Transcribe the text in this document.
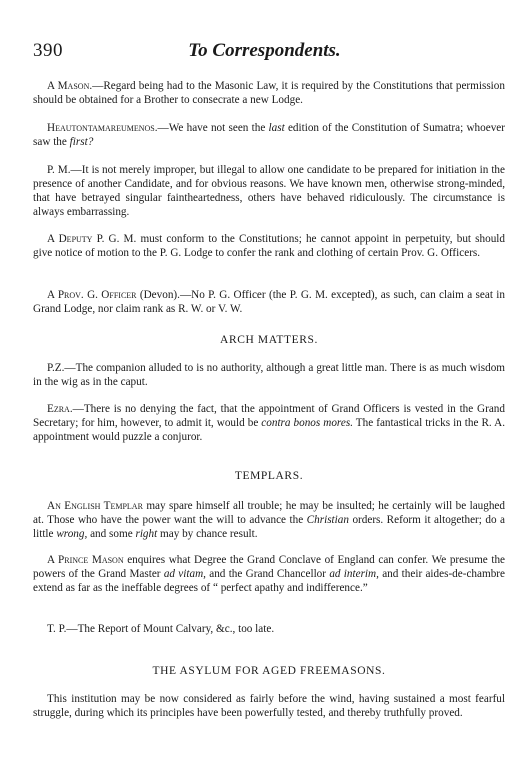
390	To Correspondents.

A Mason.—Regard being had to the Masonic Law, it is required by the Constitutions that permission should be obtained for a Brother to consecrate a new Lodge.

Heautontamareumenos.—We have not seen the last edition of the Constitution of Sumatra; whoever saw the first?

P. M.—It is not merely improper, but illegal to allow one candidate to be prepared for initiation in the presence of another Candidate, and for obvious reasons. We have known men, otherwise strong-minded, that have betrayed singular faintheartedness, others have behaved ridiculously. The circumstance is always embarrassing.

A Deputy P. G. M. must conform to the Constitutions; he cannot appoint in perpetuity, but should give notice of motion to the P. G. Lodge to confer the rank and clothing of certain Prov. G. Officers.

A Prov. G. Officer (Devon).—No P. G. Officer (the P. G. M. excepted), as such, can claim a seat in Grand Lodge, nor claim rank as R. W. or V. W.

ARCH MATTERS.

P.Z.—The companion alluded to is no authority, although a great little man. There is as much wisdom in the wig as in the caput.

Ezra.—There is no denying the fact, that the appointment of Grand Officers is vested in the Grand Secretary; for him, however, to admit it, would be contra bonos mores. The fantastical tricks in the R. A. appointment would puzzle a conjuror.

TEMPLARS.

An English Templar may spare himself all trouble; he may be insulted; he certainly will be laughed at. Those who have the power want the will to advance the Christian orders. Reform it altogether; do a little wrong, and some right may by chance result.

A Prince Mason enquires what Degree the Grand Conclave of England can confer. We presume the powers of the Grand Master ad vitam, and the Grand Chancellor ad interim, and their aides-de-chambre extend as far as the ineffable degrees of “ perfect apathy and indifference.”

T. P.—The Report of Mount Calvary, &c., too late.

THE ASYLUM FOR AGED FREEMASONS.

This institution may be now considered as fairly before the wind, having sustained a most fearful struggle, during which its principles have been powerfully tested, and thereby truthfully proved.
